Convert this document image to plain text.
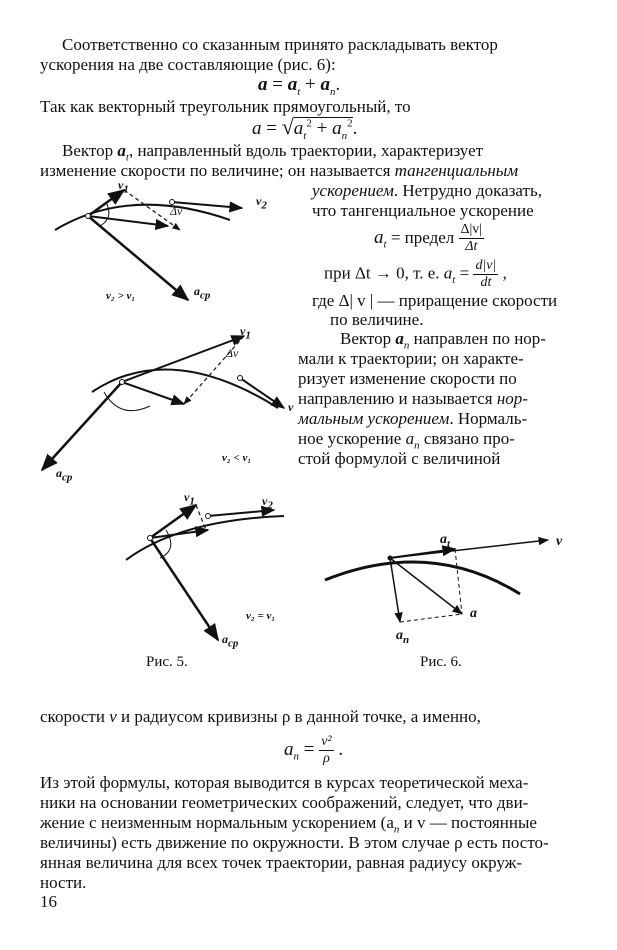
Соответственно со сказанным принято раскладывать вектор
ускорения на две составляющие (рис. 6):
$a = a_t + a_n$.
Так как векторный треугольник прямоугольный, то
$a = √a_t^2 + a_n^2$.
Вектор $a_t$, направленный вдоль траектории, характеризует
изменение скорости по величине; он называется тангенциальным
ускорением. Нетрудно доказать,
что тангенциальное ускорение
$a_t$ = предел $\frac{\Delta|v|}{\Delta t}$
при Δt → 0, т. е. $a_t = \frac{d|v|}{dt}$ ,
где Δ| v | — приращение скорости
по величине.
Вектор $a_n$ направлен по нор-
мали к траектории; он характе-
ризует изменение скорости по
направлению и называется нор-
мальным ускорением. Нормаль-
ное ускорение $a_n$ связано про-
стой формулой с величиной
$v_1$
$v_2$
Δv
$a_{cp}$
v₂ > v₁
$v_1$
Δv
v
$a_{cp}$
v₂ < v₁
$v_1$	$v_2$
$a_{cp}$
v₂ = v₁
Рис. 5.
$a_t$	v
a
$a_n$
Рис. 6.
скорости v и радиусом кривизны ρ в данной точке, а именно,
$a_n = \frac{\text{v²}}{\rho}$ .
Из этой формулы, которая выводится в курсах теоретической меха-
ники на основании геометрических соображений, следует, что дви-
жение с неизменным нормальным ускорением ($a_n$ и v — постоянные
величины) есть движение по окружности. В этом случае ρ есть посто-
янная величина для всех точек траектории, равная радиусу окруж-
ности.
16
